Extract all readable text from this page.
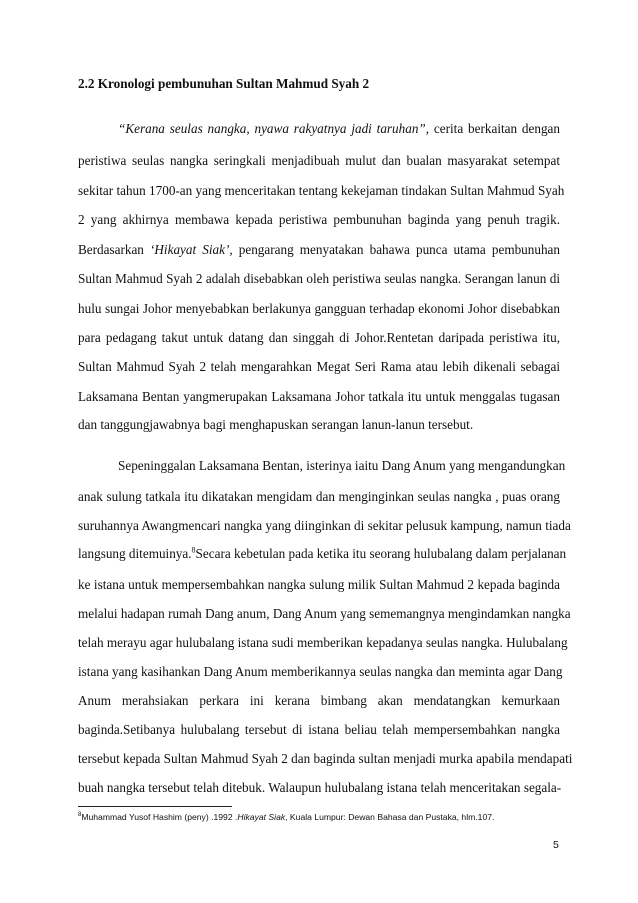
2.2 Kronologi pembunuhan Sultan Mahmud Syah 2
“Kerana seulas nangka, nyawa rakyatnya jadi taruhan”, cerita berkaitan dengan
peristiwa seulas nangka seringkali menjadibuah mulut dan bualan masyarakat setempat
sekitar tahun 1700-an yang menceritakan tentang kekejaman tindakan Sultan Mahmud Syah
2 yang akhirnya membawa kepada peristiwa pembunuhan baginda yang penuh tragik.
Berdasarkan ‘Hikayat Siak’, pengarang menyatakan bahawa punca utama pembunuhan
Sultan Mahmud Syah 2 adalah disebabkan oleh peristiwa seulas nangka. Serangan lanun di
hulu sungai Johor menyebabkan berlakunya gangguan terhadap ekonomi Johor disebabkan
para pedagang takut untuk datang dan singgah di Johor.Rentetan daripada peristiwa itu,
Sultan Mahmud Syah 2 telah mengarahkan Megat Seri Rama atau lebih dikenali sebagai
Laksamana Bentan yangmerupakan Laksamana Johor tatkala itu untuk menggalas tugasan
dan tanggungjawabnya bagi menghapuskan serangan lanun-lanun tersebut.
Sepeninggalan Laksamana Bentan, isterinya iaitu Dang Anum yang mengandungkan
anak sulung tatkala itu dikatakan mengidam dan menginginkan seulas nangka , puas orang
suruhannya Awangmencari nangka yang diinginkan di sekitar pelusuk kampung, namun tiada
langsung ditemuinya.$^8$Secara kebetulan pada ketika itu seorang hulubalang dalam perjalanan
ke istana untuk mempersembahkan nangka sulung milik Sultan Mahmud 2 kepada baginda
melalui hadapan rumah Dang anum, Dang Anum yang sememangnya mengindamkan nangka
telah merayu agar hulubalang istana sudi memberikan kepadanya seulas nangka. Hulubalang
istana yang kasihankan Dang Anum memberikannya seulas nangka dan meminta agar Dang
Anum merahsiakan perkara ini kerana bimbang akan mendatangkan kemurkaan
baginda.Setibanya hulubalang tersebut di istana beliau telah mempersembahkan nangka
tersebut kepada Sultan Mahmud Syah 2 dan baginda sultan menjadi murka apabila mendapati
buah nangka tersebut telah ditebuk. Walaupun hulubalang istana telah menceritakan segala-
$^8$Muhammad Yusof Hashim (peny) .1992 .Hikayat Siak, Kuala Lumpur: Dewan Bahasa dan Pustaka, hlm.107.
5
